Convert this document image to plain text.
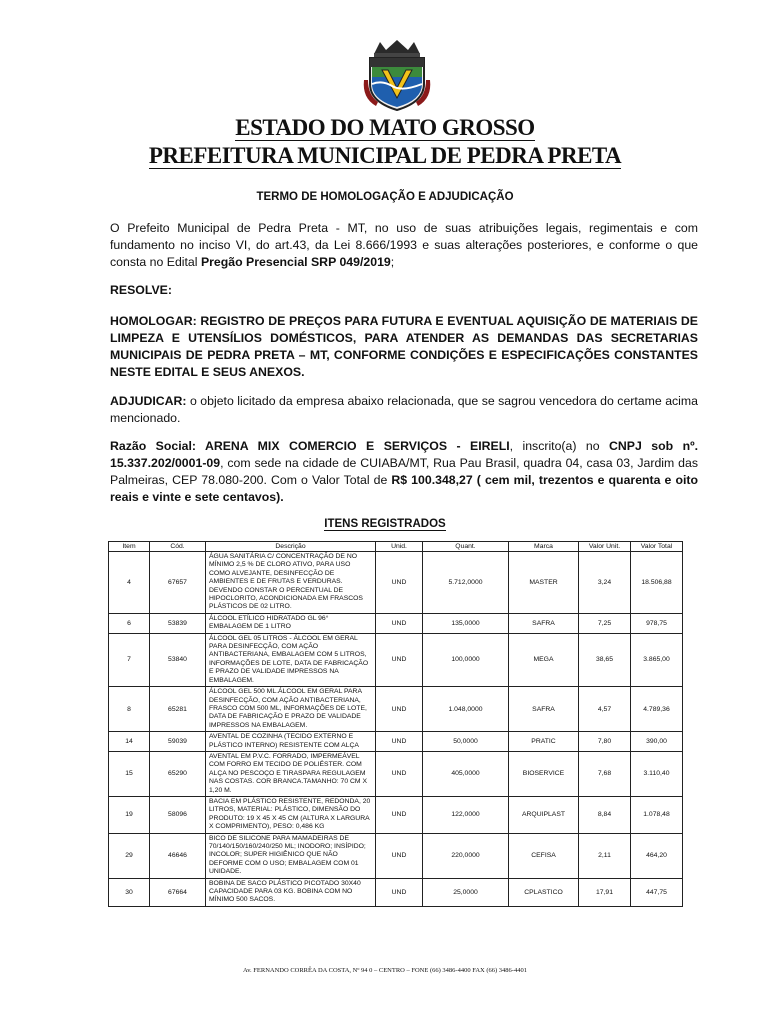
ESTADO DO MATO GROSSO
PREFEITURA MUNICIPAL DE PEDRA PRETA
TERMO DE HOMOLOGAÇÃO E ADJUDICAÇÃO
O Prefeito Municipal de Pedra Preta - MT, no uso de suas atribuições legais, regimentais e com fundamento no inciso VI, do art.43, da Lei 8.666/1993 e suas alterações posteriores, e conforme o que consta no Edital Pregão Presencial SRP 049/2019;
RESOLVE:
HOMOLOGAR: REGISTRO DE PREÇOS PARA FUTURA E EVENTUAL AQUISIÇÃO DE MATERIAIS DE LIMPEZA E UTENSÍLIOS DOMÉSTICOS, PARA ATENDER AS DEMANDAS DAS SECRETARIAS MUNICIPAIS DE PEDRA PRETA – MT, CONFORME CONDIÇÕES E ESPECIFICAÇÕES CONSTANTES NESTE EDITAL E SEUS ANEXOS.
ADJUDICAR: o objeto licitado da empresa abaixo relacionada, que se sagrou vencedora do certame acima mencionado.
Razão Social: ARENA MIX COMERCIO E SERVIÇOS - EIRELI, inscrito(a) no CNPJ sob nº. 15.337.202/0001-09, com sede na cidade de CUIABA/MT, Rua Pau Brasil, quadra 04, casa 03, Jardim das Palmeiras, CEP 78.080-200. Com o Valor Total de R$ 100.348,27 ( cem mil, trezentos e quarenta e oito reais e vinte e sete centavos).
ITENS REGISTRADOS
Item	Cód.	Descrição	Unid.	Quant.	Marca	Valor Unit.	Valor Total
4	67657	ÁGUA SANITÁRIA C/ CONCENTRAÇÃO DE NO MÍNIMO 2,5 % DE CLORO ATIVO, PARA USO COMO ALVEJANTE, DESINFECÇÃO DE AMBIENTES E DE FRUTAS E VERDURAS. DEVENDO CONSTAR O PERCENTUAL DE HIPOCLORITO, ACONDICIONADA EM FRASCOS PLÁSTICOS DE 02 LITRO.	UND	5.712,0000	MASTER	3,24	18.506,88
6	53839	ÁLCOOL ETÍLICO HIDRATADO GL 96° EMBALAGEM DE 1 LITRO	UND	135,0000	SAFRA	7,25	978,75
7	53840	ÁLCOOL GEL 05 LITROS - ÁLCOOL EM GERAL PARA DESINFECÇÃO, COM AÇÃO ANTIBACTERIANA, EMBALAGEM COM 5 LITROS, INFORMAÇÕES DE LOTE, DATA DE FABRICAÇÃO E PRAZO DE VALIDADE IMPRESSOS NA EMBALAGEM.	UND	100,0000	MEGA	38,65	3.865,00
8	65281	ÁLCOOL GEL 500 ML.ÁLCOOL EM GERAL PARA DESINFECÇÃO, COM AÇÃO ANTIBACTERIANA, FRASCO COM 500 ML, INFORMAÇÕES DE LOTE, DATA DE FABRICAÇÃO E PRAZO DE VALIDADE IMPRESSOS NA EMBALAGEM.	UND	1.048,0000	SAFRA	4,57	4.789,36
14	59039	AVENTAL DE COZINHA (TECIDO EXTERNO E PLÁSTICO INTERNO) RESISTENTE COM ALÇA	UND	50,0000	PRATIC	7,80	390,00
15	65290	AVENTAL EM P.V.C. FORRADO, IMPERMEÁVEL COM FORRO EM TECIDO DE POLIÉSTER. COM ALÇA NO PESCOÇO E TIRASPARA REGULAGEM NAS COSTAS. COR BRANCA.TAMANHO: 70 CM X 1,20 M.	UND	405,0000	BIOSERVICE	7,68	3.110,40
19	58096	BACIA EM PLÁSTICO RESISTENTE, REDONDA, 20 LITROS, MATERIAL: PLÁSTICO, DIMENSÃO DO PRODUTO: 19 X 45 X 45 CM (ALTURA X LARGURA X COMPRIMENTO), PESO: 0,486 KG	UND	122,0000	ARQUIPLAST	8,84	1.078,48
29	46646	BICO DE SILICONE PARA MAMADEIRAS DE 70/140/150/160/240/250 ML; INODORO; INSÍPIDO; INCOLOR; SUPER HIGIÊNICO QUE NÃO DEFORME COM O USO; EMBALAGEM COM 01 UNIDADE.	UND	220,0000	CEFISA	2,11	464,20
30	67664	BOBINA DE SACO PLÁSTICO PICOTADO 30X40 CAPACIDADE PARA 03 KG. BOBINA COM NO MÍNIMO 500 SACOS.	UND	25,0000	CPLASTICO	17,91	447,75
Av. FERNANDO CORRÊA DA COSTA, Nº 94 0 – CENTRO – FONE (66) 3486-4400 FAX (66) 3486-4401
